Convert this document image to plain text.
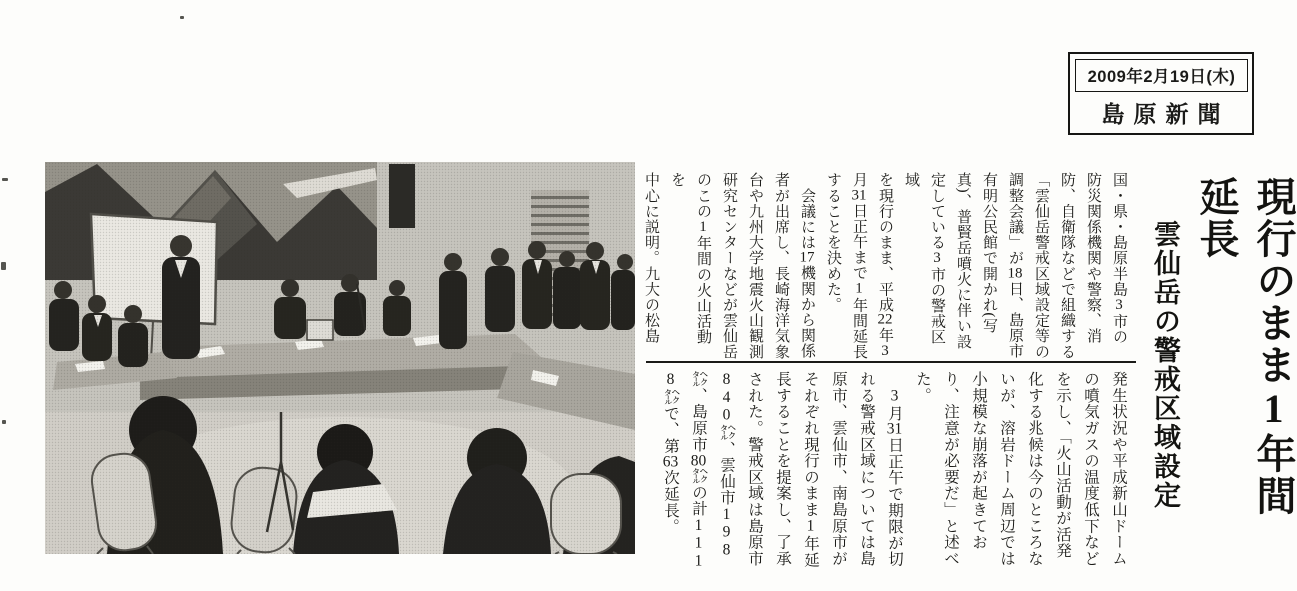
2009年2月19日(木)
島原新聞
現行のまま1年間延長
雲仙岳の警戒区域設定
国・県・島原半島3市の
防災関係機関や警察、消
防、自衛隊などで組織する
「雲仙岳警戒区域設定等の
調整会議」が18日、島原市
有明公民館で開かれ(写
真)、普賢岳噴火に伴い設
定している3市の警戒区域
を現行のまま、平成22年3
月31日正午まで1年間延長
することを決めた。
　会議には17機関から関係
者が出席し、長崎海洋気象
台や九州大学地震火山観測
研究センターなどが雲仙岳
のこの1年間の火山活動を
中心に説明。九大の松島
発生状況や平成新山ドーム
の噴気ガスの温度低下など
を示し、「火山活動が活発
化する兆候は今のところな
いが、溶岩ドーム周辺では
小規模な崩落が起きてお
り、注意が必要だ」と述べ
た。
　3月31日正午で期限が切
れる警戒区域については島
原市、雲仙市、南島原市が
それぞれ現行のまま1年延
長することを提案し、了承
された。警戒区域は島原市
840㌶、雲仙市198
㌶、島原市80㌶の計111
8㌶で、第63次延長。
